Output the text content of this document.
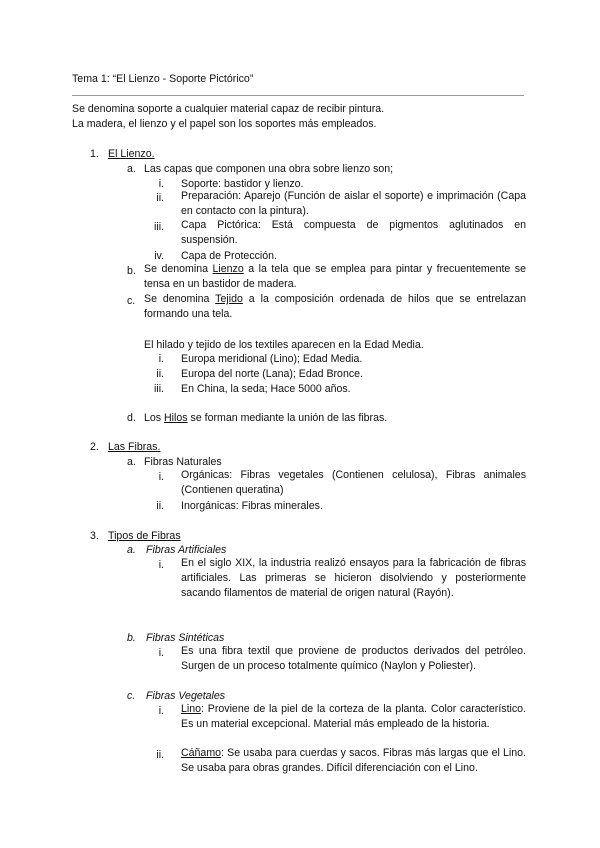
Tema 1: “El Lienzo - Soporte Pictórico”
Se denomina soporte a cualquier material capaz de recibir pintura.
La madera, el lienzo y el papel son los soportes más empleados.
1. El Lienzo.
a. Las capas que componen una obra sobre lienzo son;
i. Soporte: bastidor y lienzo.
ii. Preparación: Aparejo (Función de aislar el soporte) e imprimación (Capa en contacto con la pintura).
iii. Capa Pictórica: Está compuesta de pigmentos aglutinados en suspensión.
iv. Capa de Protección.
b. Se denomina Lienzo a la tela que se emplea para pintar y frecuentemente se tensa en un bastidor de madera.
c. Se denomina Tejido a la composición ordenada de hilos que se entrelazan formando una tela.
El hilado y tejido de los textiles aparecen en la Edad Media.
i. Europa meridional (Lino); Edad Media.
ii. Europa del norte (Lana); Edad Bronce.
iii. En China, la seda; Hace 5000 años.
d. Los Hilos se forman mediante la unión de las fibras.
2. Las Fibras.
a. Fibras Naturales
i. Orgánicas: Fibras vegetales (Contienen celulosa), Fibras animales (Contienen queratina)
ii. Inorgánicas: Fibras minerales.
3. Tipos de Fibras
a. Fibras Artificiales
i. En el siglo XIX, la industria realizó ensayos para la fabricación de fibras artificiales. Las primeras se hicieron disolviendo y posteriormente sacando filamentos de material de origen natural (Rayón).
b. Fibras Sintéticas
i. Es una fibra textil que proviene de productos derivados del petróleo. Surgen de un proceso totalmente químico (Naylon y Poliester).
c. Fibras Vegetales
i. Lino: Proviene de la piel de la corteza de la planta. Color característico. Es un material excepcional. Material más empleado de la historia.
ii. Cáñamo: Se usaba para cuerdas y sacos. Fibras más largas que el Lino. Se usaba para obras grandes. Difícil diferenciación con el Lino.
